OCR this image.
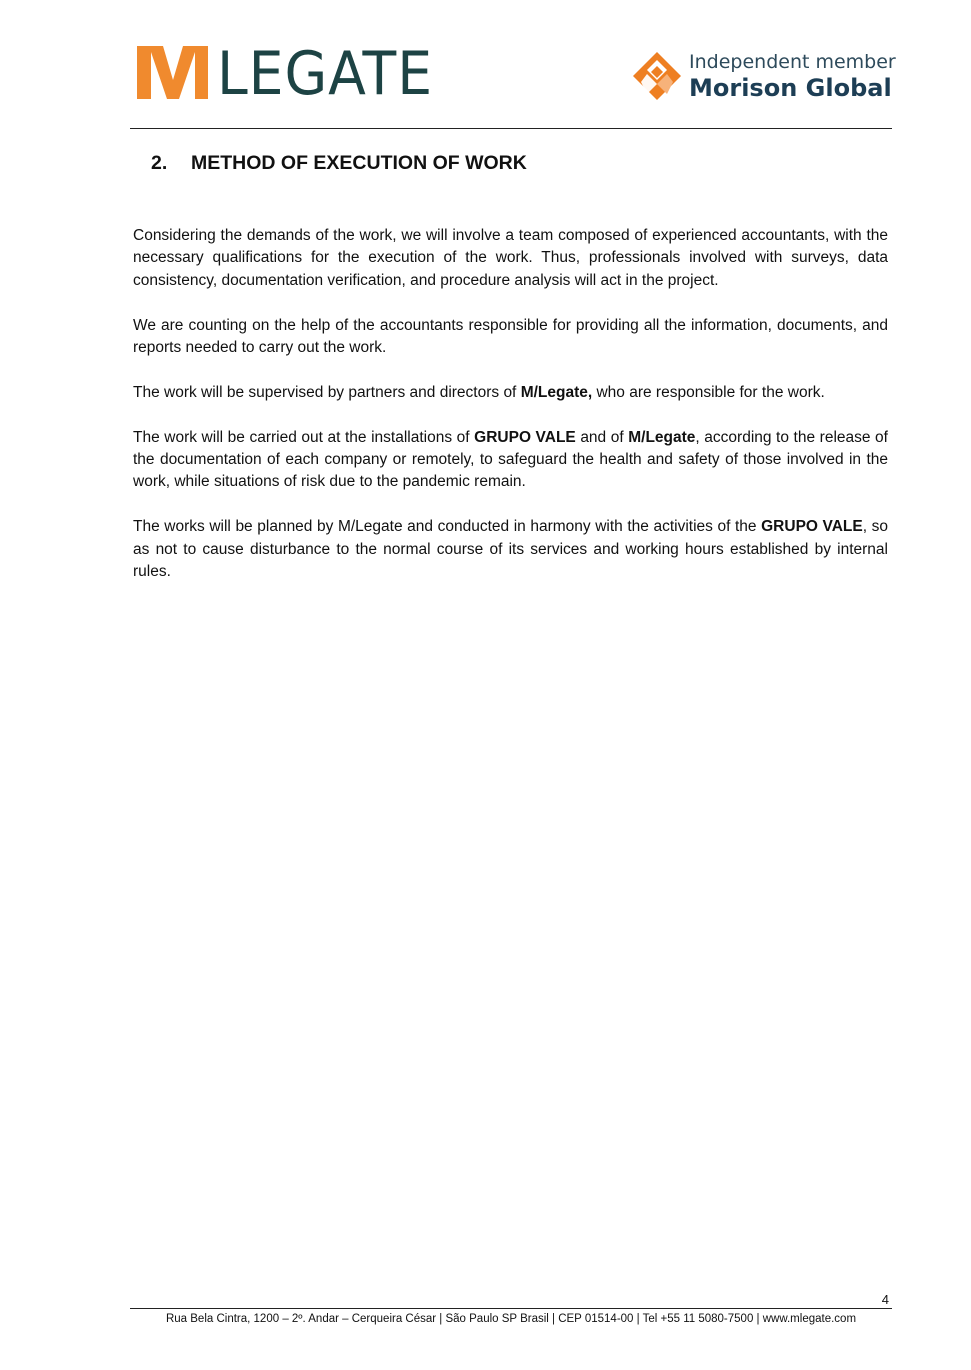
LEGATE	Independent member
Morison Global
2.	METHOD OF EXECUTION OF WORK

Considering the demands of the work, we will involve a team composed of experienced accountants, with the necessary qualifications for the execution of the work. Thus, professionals involved with surveys, data consistency, documentation verification, and procedure analysis will act in the project.

We are counting on the help of the accountants responsible for providing all the information, documents, and reports needed to carry out the work.

The work will be supervised by partners and directors of M/Legate, who are responsible for the work.

The work will be carried out at the installations of GRUPO VALE and of M/Legate, according to the release of the documentation of each company or remotely, to safeguard the health and safety of those involved in the work, while situations of risk due to the pandemic remain.

The works will be planned by M/Legate and conducted in harmony with the activities of the GRUPO VALE, so as not to cause disturbance to the normal course of its services and working hours established by internal rules.

4
Rua Bela Cintra, 1200 – 2º. Andar – Cerqueira César | São Paulo SP Brasil | CEP 01514-00 | Tel +55 11 5080-7500 | www.mlegate.com
